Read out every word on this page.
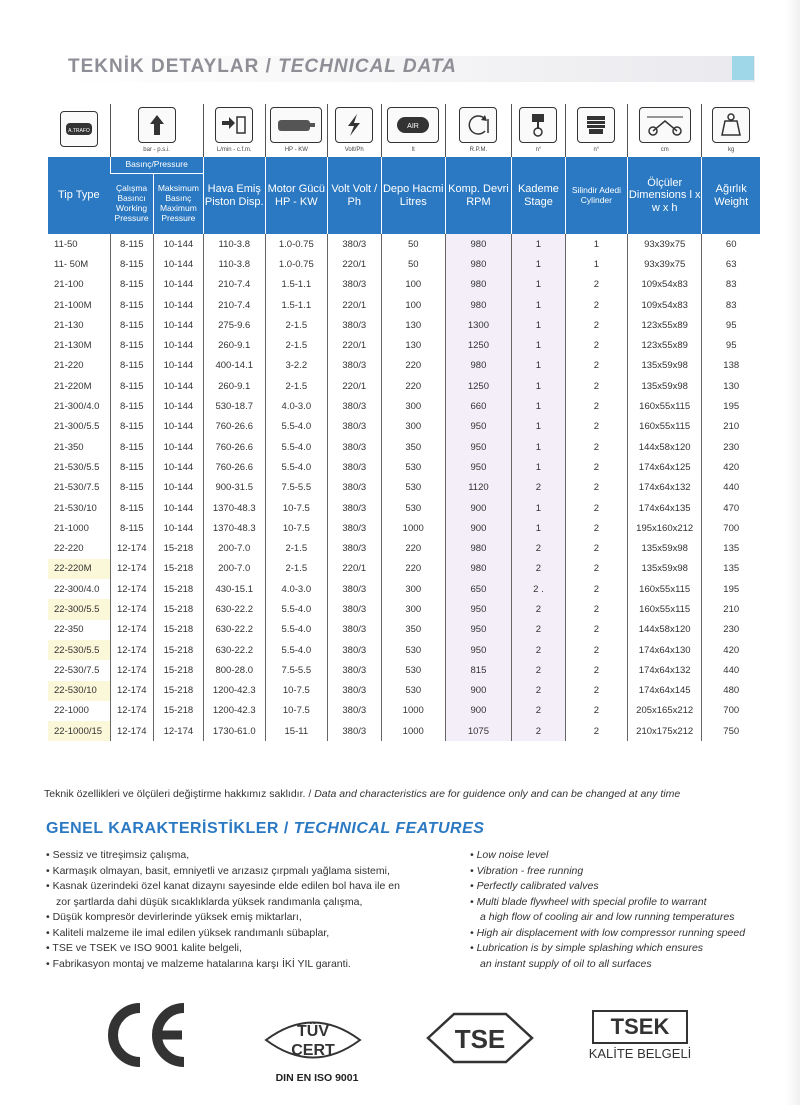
TEKNİK DETAYLAR / TECHNICAL DATA
A.TRAFO	bar - p.s.i.		L/min - c.f.m.	HP - KW	Volt/Ph	AIR
lt	R.P.M.	n°	n°	cm	kg

Tip Type	Basınç/Pressure		Hava Emiş Piston Disp.	Motor Gücü HP - KW	Volt Volt / Ph	Depo Hacmi Litres	Komp. Devri RPM	Kademe Stage	Silindir Adedi Cylinder	Ölçüler Dimensions l x w x h	Ağırlık Weight
	Çalışma Basıncı Working Pressure	Maksimum Basınç Maximum Pressure									
11-50	8-115	10-144	110-3.8	1.0-0.75	380/3	50	980	1	1	93x39x75	60
11- 50M	8-115	10-144	110-3.8	1.0-0.75	220/1	50	980	1	1	93x39x75	63
21-100	8-115	10-144	210-7.4	1.5-1.1	380/3	100	980	1	2	109x54x83	83
21-100M	8-115	10-144	210-7.4	1.5-1.1	220/1	100	980	1	2	109x54x83	83
21-130	8-115	10-144	275-9.6	2-1.5	380/3	130	1300	1	2	123x55x89	95
21-130M	8-115	10-144	260-9.1	2-1.5	220/1	130	1250	1	2	123x55x89	95
21-220	8-115	10-144	400-14.1	3-2.2	380/3	220	980	1	2	135x59x98	138
21-220M	8-115	10-144	260-9.1	2-1.5	220/1	220	1250	1	2	135x59x98	130
21-300/4.0	8-115	10-144	530-18.7	4.0-3.0	380/3	300	660	1	2	160x55x115	195
21-300/5.5	8-115	10-144	760-26.6	5.5-4.0	380/3	300	950	1	2	160x55x115	210
21-350	8-115	10-144	760-26.6	5.5-4.0	380/3	350	950	1	2	144x58x120	230
21-530/5.5	8-115	10-144	760-26.6	5.5-4.0	380/3	530	950	1	2	174x64x125	420
21-530/7.5	8-115	10-144	900-31.5	7.5-5.5	380/3	530	1120	2	2	174x64x132	440
21-530/10	8-115	10-144	1370-48.3	10-7.5	380/3	530	900	1	2	174x64x135	470
21-1000	8-115	10-144	1370-48.3	10-7.5	380/3	1000	900	1	2	195x160x212	700
22-220	12-174	15-218	200-7.0	2-1.5	380/3	220	980	2	2	135x59x98	135
22-220M	12-174	15-218	200-7.0	2-1.5	220/1	220	980	2	2	135x59x98	135
22-300/4.0	12-174	15-218	430-15.1	4.0-3.0	380/3	300	650	2 .	2	160x55x115	195
22-300/5.5	12-174	15-218	630-22.2	5.5-4.0	380/3	300	950	2	2	160x55x115	210
22-350	12-174	15-218	630-22.2	5.5-4.0	380/3	350	950	2	2	144x58x120	230
22-530/5.5	12-174	15-218	630-22.2	5.5-4.0	380/3	530	950	2	2	174x64x130	420
22-530/7.5	12-174	15-218	800-28.0	7.5-5.5	380/3	530	815	2	2	174x64x132	440
22-530/10	12-174	15-218	1200-42.3	10-7.5	380/3	530	900	2	2	174x64x145	480
22-1000	12-174	15-218	1200-42.3	10-7.5	380/3	1000	900	2	2	205x165x212	700
22-1000/15	12-174	12-174	1730-61.0	15-11	380/3	1000	1075	2	2	210x175x212	750
Teknik özellikleri ve ölçüleri değiştirme hakkımız saklıdır. / Data and characteristics are for guidence only and can be changed at any time
GENEL KARAKTERİSTİKLER / TECHNICAL FEATURES
• Sessiz ve titreşimsiz çalışma,
• Karmaşık olmayan, basit, emniyetli ve arızasız çırpmalı yağlama sistemi,
• Kasnak üzerindeki özel kanat dizaynı sayesinde elde edilen bol hava ile en
zor şartlarda dahi düşük sıcaklıklarda yüksek randımanla çalışma,
• Düşük kompresör devirlerinde yüksek emiş miktarları,
• Kaliteli malzeme ile imal edilen yüksek randımanlı sübaplar,
• TSE ve TSEK ve ISO 9001 kalite belgeli,
• Fabrikasyon montaj ve malzeme hatalarına karşı İKİ YIL garanti.
• Low noise level
• Vibration - free running
• Perfectly calibrated valves
• Multi blade flywheel with special profile to warrant
a high flow of cooling air and low running temperatures
• High air displacement with low compressor running speed
• Lubrication is by simple splashing which ensures
an instant supply of oil to all surfaces
TÜV
CERT
DIN EN ISO 9001
TSE	TSEK
KALİTE BELGELİ
